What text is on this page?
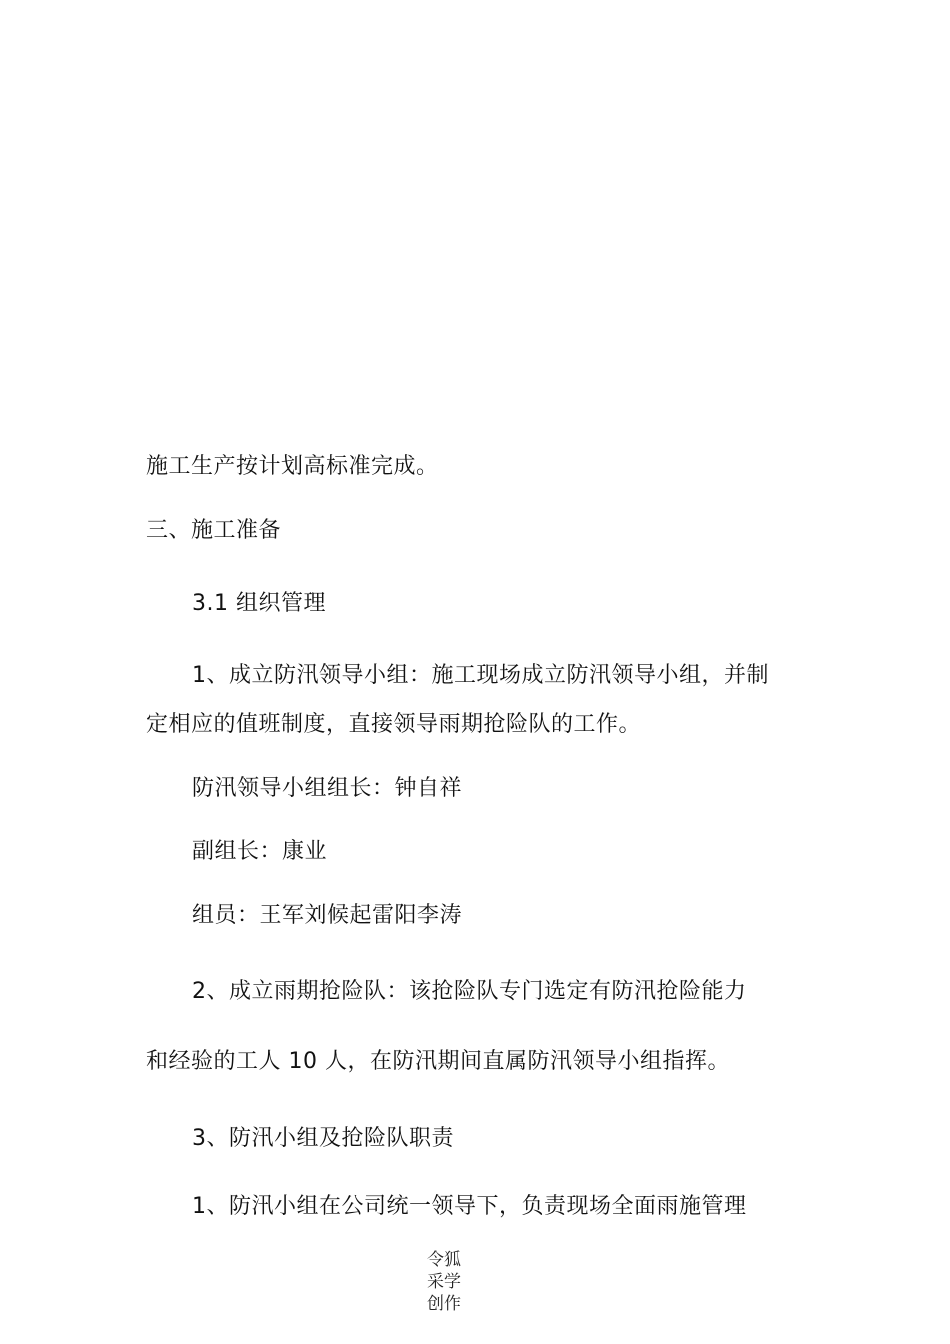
施工生产按计划高标准完成。
三、施工准备
3.1 组织管理
1、成立防汛领导小组：施工现场成立防汛领导小组，并制
定相应的值班制度，直接领导雨期抢险队的工作。
防汛领导小组组长：钟自祥
副组长：康业
组员：王军刘候起雷阳李涛
2、成立雨期抢险队：该抢险队专门选定有防汛抢险能力
和经验的工人 10 人，在防汛期间直属防汛领导小组指挥。
3、防汛小组及抢险队职责
1、防汛小组在公司统一领导下，负责现场全面雨施管理
令狐
采学
创作
